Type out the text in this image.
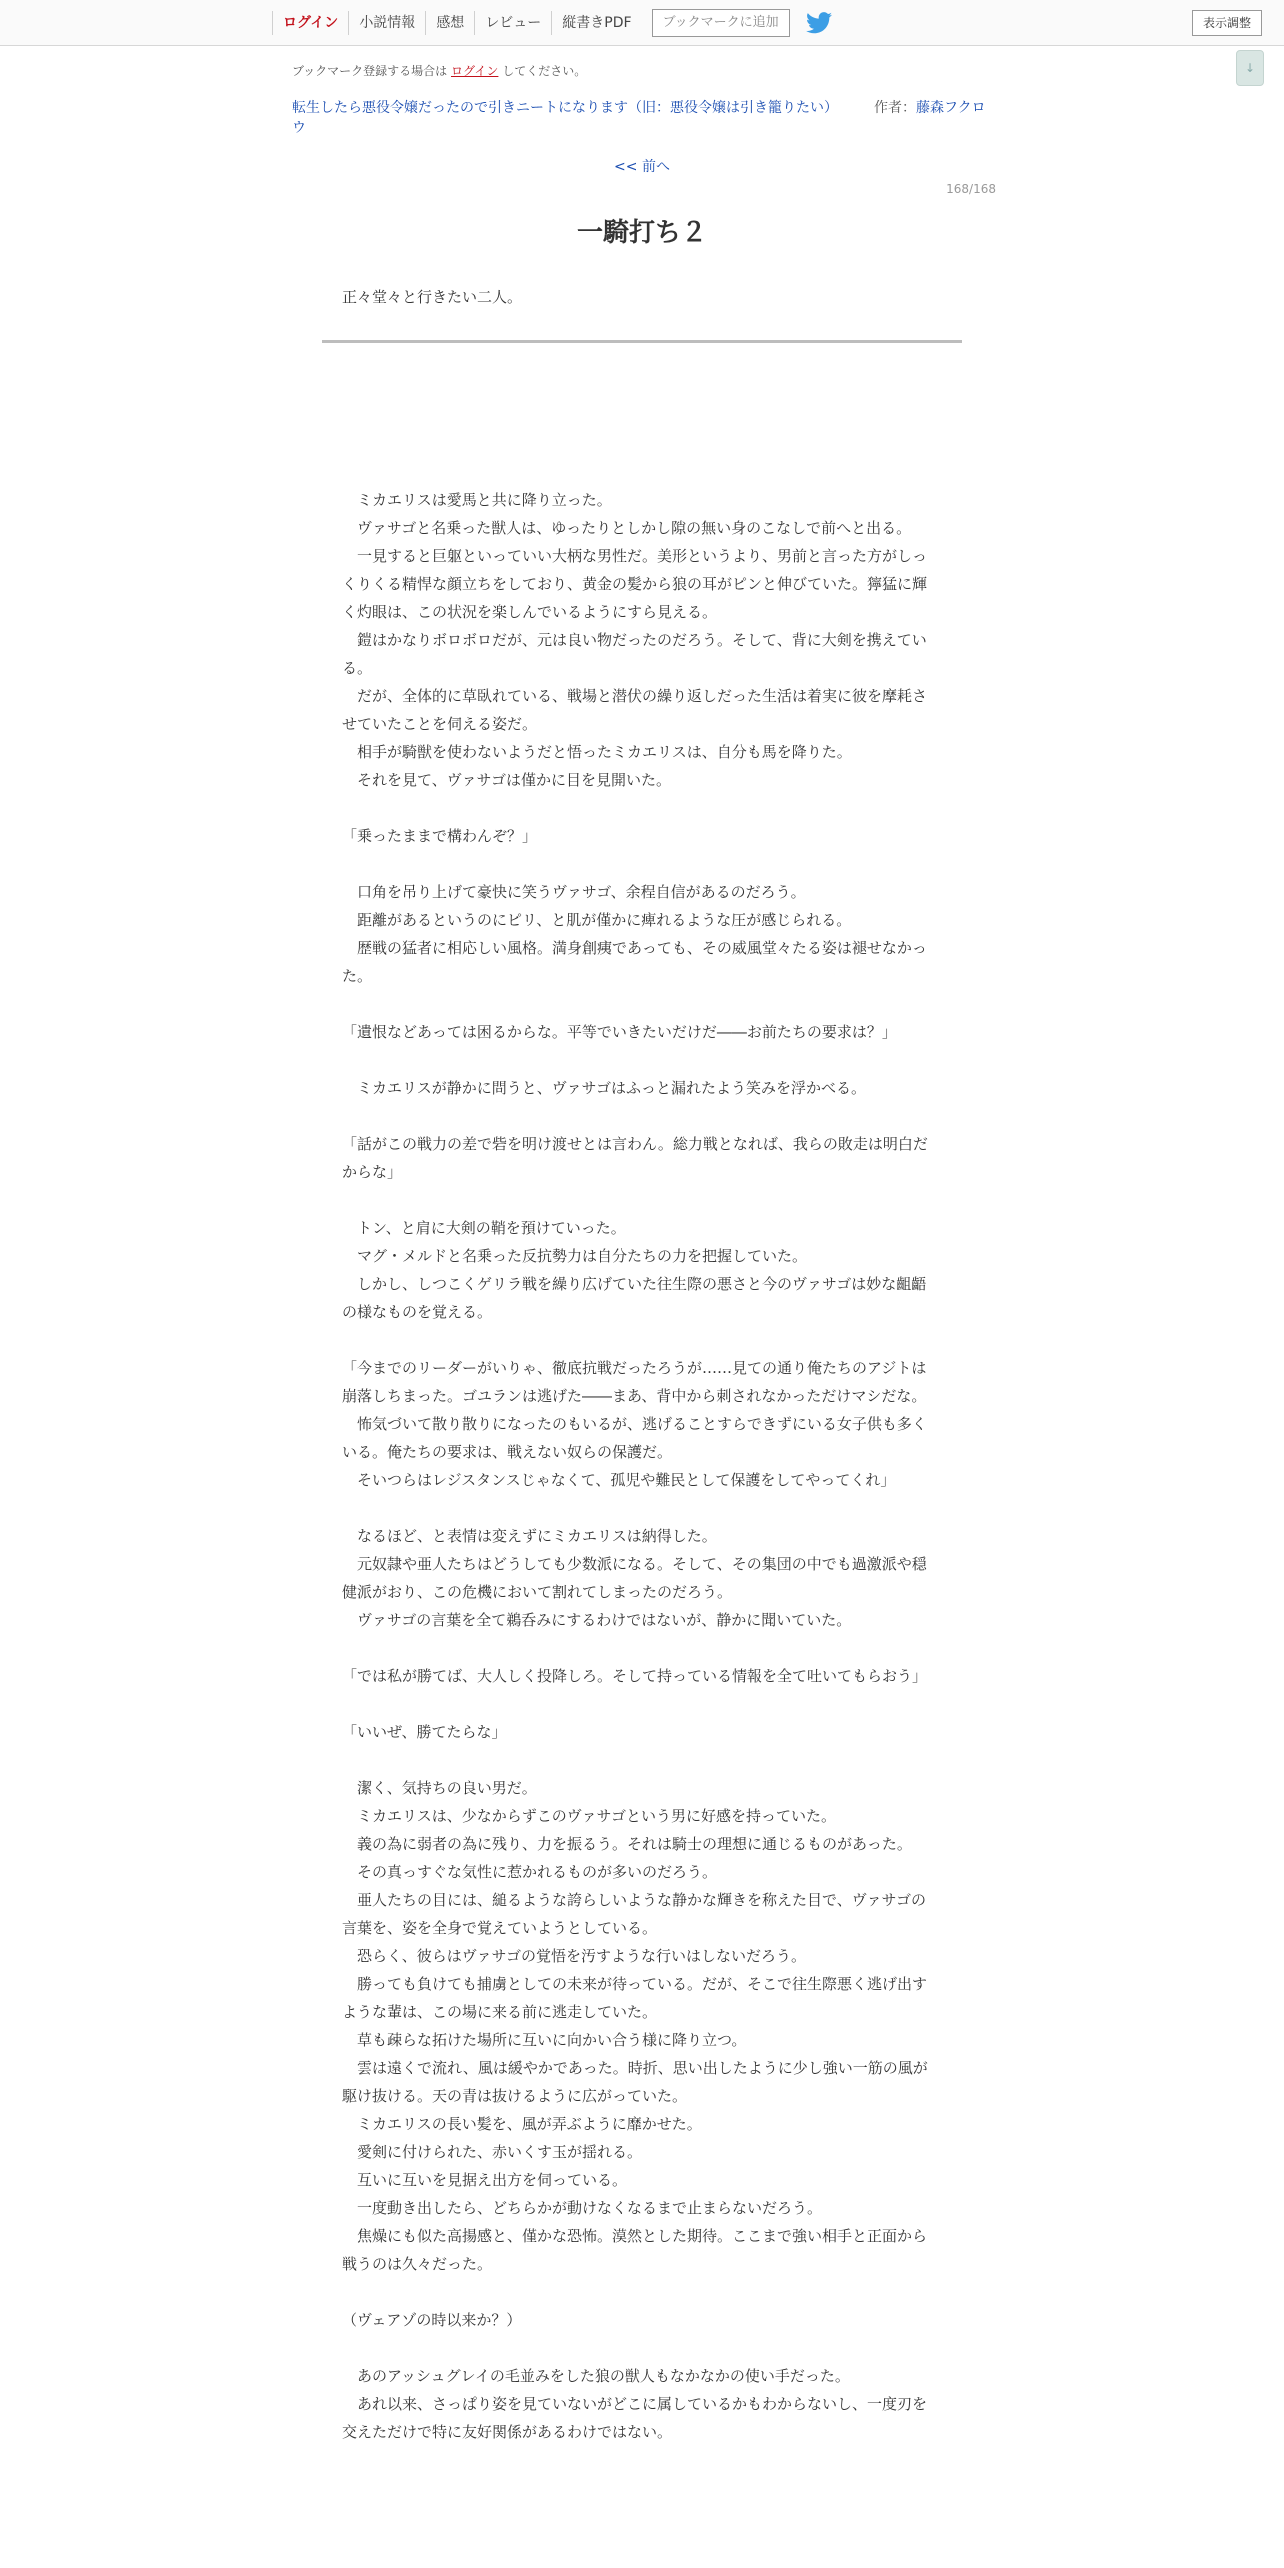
ログイン	小説情報	感想	レビュー	縦書きPDF	ブックマークに追加	表示調整
↓
ブックマーク登録する場合は ログイン してください。
転生したら悪役令嬢だったので引きニートになります（旧：悪役令嬢は引き籠りたい）	作者：藤森フクロウ
<< 前へ
168/168
一騎打ち２
正々堂々と行きたい二人。

　ミカエリスは愛馬と共に降り立った。

　ヴァサゴと名乗った獣人は、ゆったりとしかし隙の無い身のこなしで前へと出る。

　一見すると巨躯といっていい大柄な男性だ。美形というより、男前と言った方がしっくりくる精悍な顔立ちをしており、黄金の髪から狼の耳がピンと伸びていた。獰猛に輝く灼眼は、この状況を楽しんでいるようにすら見える。

　鎧はかなりボロボロだが、元は良い物だったのだろう。そして、背に大剣を携えている。

　だが、全体的に草臥れている、戦場と潜伏の繰り返しだった生活は着実に彼を摩耗させていたことを伺える姿だ。

　相手が騎獣を使わないようだと悟ったミカエリスは、自分も馬を降りた。

　それを見て、ヴァサゴは僅かに目を見開いた。

「乗ったままで構わんぞ？」

　口角を吊り上げて豪快に笑うヴァサゴ、余程自信があるのだろう。

　距離があるというのにピリ、と肌が僅かに痺れるような圧が感じられる。

　歴戦の猛者に相応しい風格。満身創痍であっても、その威風堂々たる姿は褪せなかった。

「遺恨などあっては困るからな。平等でいきたいだけだ――お前たちの要求は？」

　ミカエリスが静かに問うと、ヴァサゴはふっと漏れたよう笑みを浮かべる。

「話がこの戦力の差で砦を明け渡せとは言わん。総力戦となれば、我らの敗走は明白だからな」

　トン、と肩に大剣の鞘を預けていった。

　マグ・メルドと名乗った反抗勢力は自分たちの力を把握していた。

　しかし、しつこくゲリラ戦を繰り広げていた往生際の悪さと今のヴァサゴは妙な齟齬の様なものを覚える。

「今までのリーダーがいりゃ、徹底抗戦だったろうが……見ての通り俺たちのアジトは崩落しちまった。ゴユランは逃げた――まあ、背中から刺されなかっただけマシだな。

　怖気づいて散り散りになったのもいるが、逃げることすらできずにいる女子供も多くいる。俺たちの要求は、戦えない奴らの保護だ。

　そいつらはレジスタンスじゃなくて、孤児や難民として保護をしてやってくれ」

　なるほど、と表情は変えずにミカエリスは納得した。

　元奴隷や亜人たちはどうしても少数派になる。そして、その集団の中でも過激派や穏健派がおり、この危機において割れてしまったのだろう。

　ヴァサゴの言葉を全て鵜呑みにするわけではないが、静かに聞いていた。

「では私が勝てば、大人しく投降しろ。そして持っている情報を全て吐いてもらおう」

「いいぜ、勝てたらな」

　潔く、気持ちの良い男だ。

　ミカエリスは、少なからずこのヴァサゴという男に好感を持っていた。

　義の為に弱者の為に残り、力を振るう。それは騎士の理想に通じるものがあった。

　その真っすぐな気性に惹かれるものが多いのだろう。

　亜人たちの目には、縋るような誇らしいような静かな輝きを称えた目で、ヴァサゴの言葉を、姿を全身で覚えていようとしている。

　恐らく、彼らはヴァサゴの覚悟を汚すような行いはしないだろう。

　勝っても負けても捕虜としての未来が待っている。だが、そこで往生際悪く逃げ出すような輩は、この場に来る前に逃走していた。

　草も疎らな拓けた場所に互いに向かい合う様に降り立つ。

　雲は遠くで流れ、風は緩やかであった。時折、思い出したように少し強い一筋の風が駆け抜ける。天の青は抜けるように広がっていた。

　ミカエリスの長い髪を、風が弄ぶように靡かせた。

　愛剣に付けられた、赤いくす玉が揺れる。

　互いに互いを見据え出方を伺っている。

　一度動き出したら、どちらかが動けなくなるまで止まらないだろう。

　焦燥にも似た高揚感と、僅かな恐怖。漠然とした期待。ここまで強い相手と正面から戦うのは久々だった。

（ヴェアゾの時以来か？）

　あのアッシュグレイの毛並みをした狼の獣人もなかなかの使い手だった。

　あれ以来、さっぱり姿を見ていないがどこに属しているかもわからないし、一度刃を交えただけで特に友好関係があるわけではない。
